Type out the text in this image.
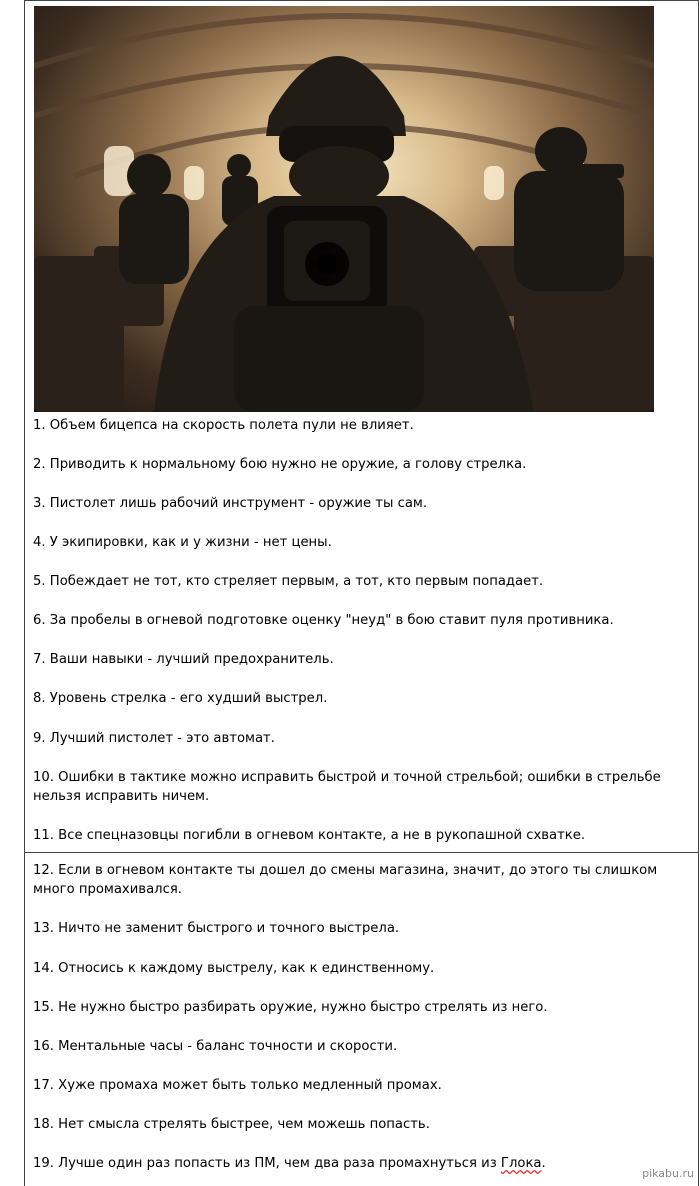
1. Объем бицепса на скорость полета пули не влияет.
2. Приводить к нормальному бою нужно не оружие, а голову стрелка.
3. Пистолет лишь рабочий инструмент - оружие ты сам.
4. У экипировки, как и у жизни - нет цены.
5. Побеждает не тот, кто стреляет первым, а тот, кто первым попадает.
6. За пробелы в огневой подготовке оценку "неуд" в бою ставит пуля противника.
7. Ваши навыки - лучший предохранитель.
8. Уровень стрелка - его худший выстрел.
9. Лучший пистолет - это автомат.
10. Ошибки в тактике можно исправить быстрой и точной стрельбой; ошибки в стрельбе нельзя исправить ничем.
11. Все спецназовцы погибли в огневом контакте, а не в рукопашной схватке.
12. Если в огневом контакте ты дошел до смены магазина, значит, до этого ты слишком много промахивался.
13. Ничто не заменит быстрого и точного выстрела.
14. Относись к каждому выстрелу, как к единственному.
15. Не нужно быстро разбирать оружие, нужно быстро стрелять из него.
16. Ментальные часы - баланс точности и скорости.
17. Хуже промаха может быть только медленный промах.
18. Нет смысла стрелять быстрее, чем можешь попасть.
19. Лучше один раз попасть из ПМ, чем два раза промахнуться из Глока.
pikabu.ru
